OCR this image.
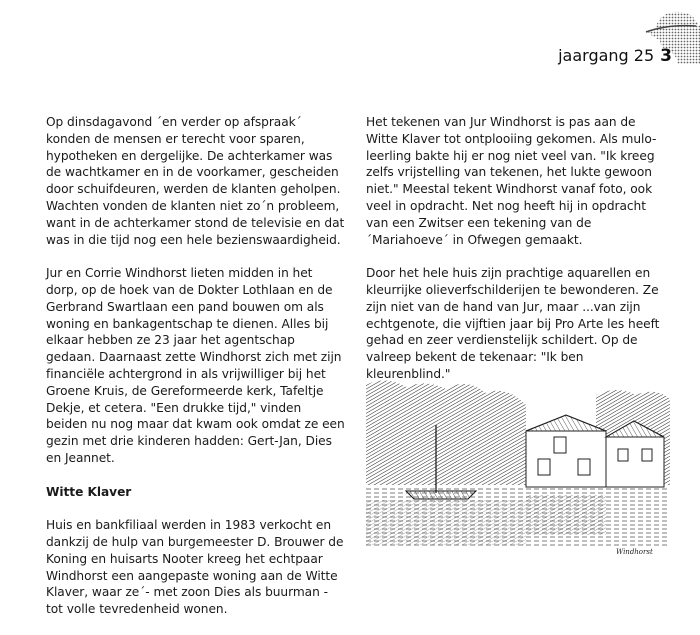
jaargang 25 3

Op dinsdagavond ´en verder op afspraak´ konden de mensen er terecht voor sparen, hypotheken en dergelijke. De achterkamer was de wachtkamer en in de voorkamer, gescheiden door schuifdeuren, werden de klanten geholpen. Wachten vonden de klanten niet zo´n probleem, want in de achterkamer stond de televisie en dat was in die tijd nog een hele bezienswaardigheid.

Jur en Corrie Windhorst lieten midden in het dorp, op de hoek van de Dokter Lothlaan en de Gerbrand Swartlaan een pand bouwen om als woning en bankagentschap te dienen. Alles bij elkaar hebben ze 23 jaar het agentschap gedaan. Daarnaast zette Windhorst zich met zijn financiële achtergrond in als vrijwilliger bij het Groene Kruis, de Gereformeerde kerk, Tafeltje Dekje, et cetera. "Een drukke tijd," vinden beiden nu nog maar dat kwam ook omdat ze een gezin met drie kinderen hadden: Gert-Jan, Dies en Jeannet.

Witte Klaver

Huis en bankfiliaal werden in 1983 verkocht en dankzij de hulp van burgemeester D. Brouwer de Koning en huisarts Nooter kreeg het echtpaar Windhorst een aangepaste woning aan de Witte Klaver, waar ze´- met zoon Dies als buurman - tot volle tevredenheid wonen.

Het tekenen van Jur Windhorst is pas aan de Witte Klaver tot ontplooiing gekomen. Als mulo-leerling bakte hij er nog niet veel van. "Ik kreeg zelfs vrijstelling van tekenen, het lukte gewoon niet." Meestal tekent Windhorst vanaf foto, ook veel in opdracht. Net nog heeft hij in opdracht van een Zwitser een tekening van de ´Mariahoeve´ in Ofwegen gemaakt.

Door het hele huis zijn prachtige aquarellen en kleurrijke olieverfschilderijen te bewonderen. Ze zijn niet van de hand van Jur, maar ...van zijn echtgenote, die vijftien jaar bij Pro Arte les heeft gehad en zeer verdienstelijk schildert. Op de valreep bekent de tekenaar: "Ik ben kleurenblind."

Windhorst
